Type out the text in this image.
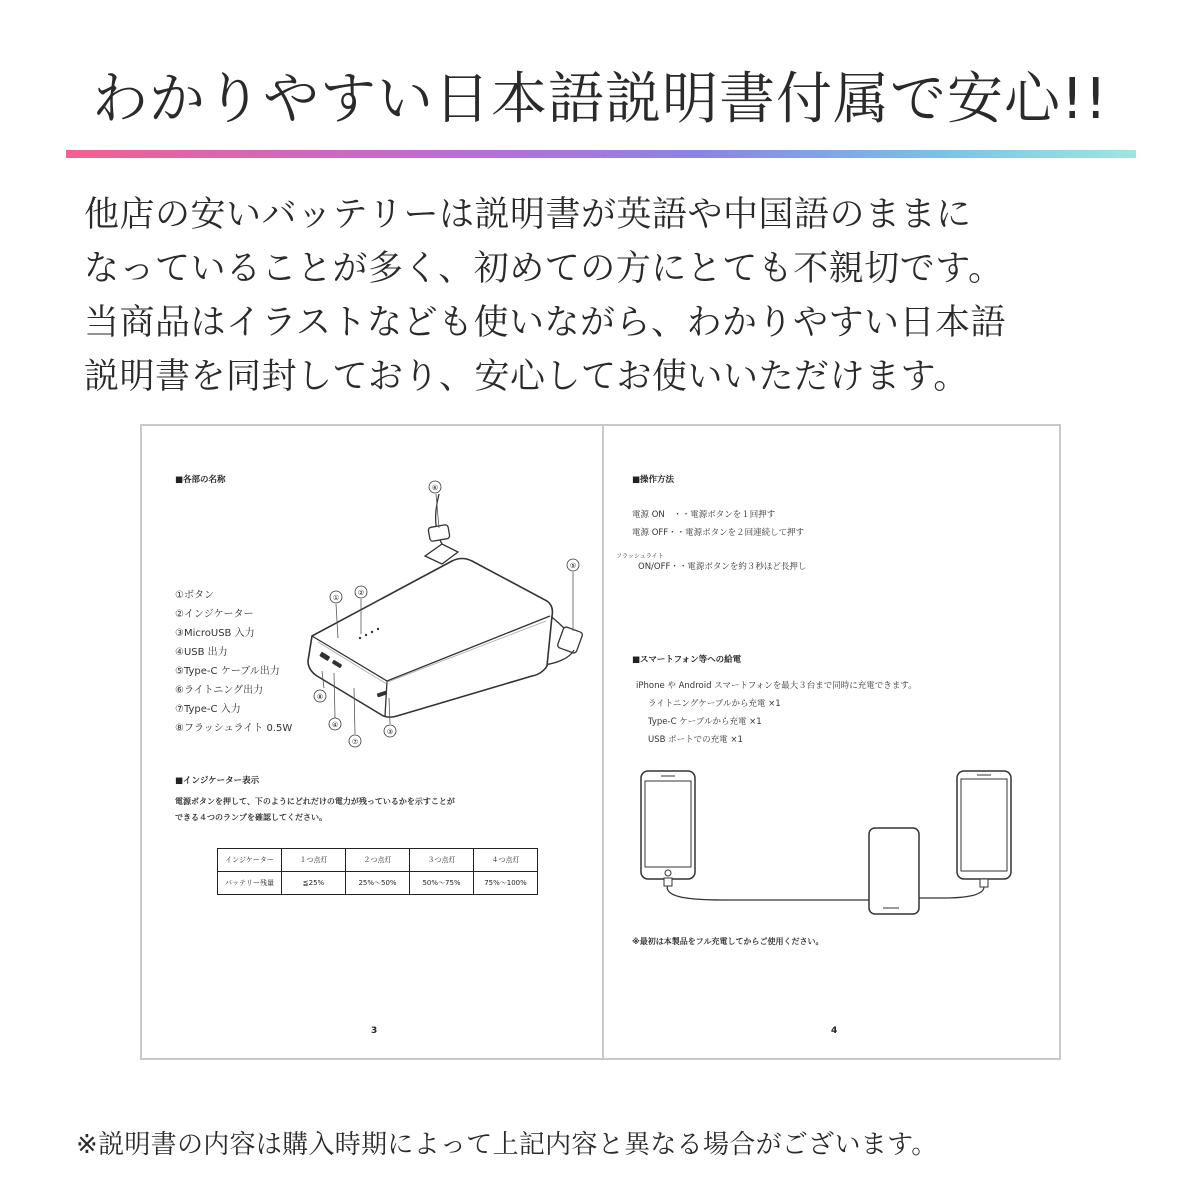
わかりやすい日本語説明書付属で安心!!

他店の安いバッテリーは説明書が英語や中国語のままに

なっていることが多く、初めての方にとても不親切です。

当商品はイラストなども使いながら、わかりやすい日本語

説明書を同封しており、安心してお使いいただけます。

■各部の名称
①
②
③
④
⑤
⑥
⑦
⑧
①ボタン
②インジケーター
③MicroUSB 入力
④USB 出力
⑤Type-C ケーブル出力
⑥ライトニング出力
⑦Type-C 入力
⑧フラッシュライト 0.5W
■インジケーター表示
電源ボタンを押して、下のようにどれだけの電力が残っているかを示すことが
できる４つのランプを確認してください。
インジケーター	１つ点灯	２つ点灯	３つ点灯	４つ点灯
バッテリー残量	≦25%	25%〜50%	50%〜75%	75%〜100%
3
■操作方法
電源 ON　・・電源ボタンを１回押す
電源 OFF・・電源ボタンを２回連続して押す
フラッシュライト
ON/OFF・・電源ボタンを約３秒ほど長押し
■スマートフォン等への給電
iPhone や Android スマートフォンを最大３台まで同時に充電できます。
ライトニングケーブルから充電 ×1
Type-C ケーブルから充電 ×1
USB ポートでの充電 ×1
※最初は本製品をフル充電してからご使用ください。
4
※説明書の内容は購入時期によって上記内容と異なる場合がございます。
